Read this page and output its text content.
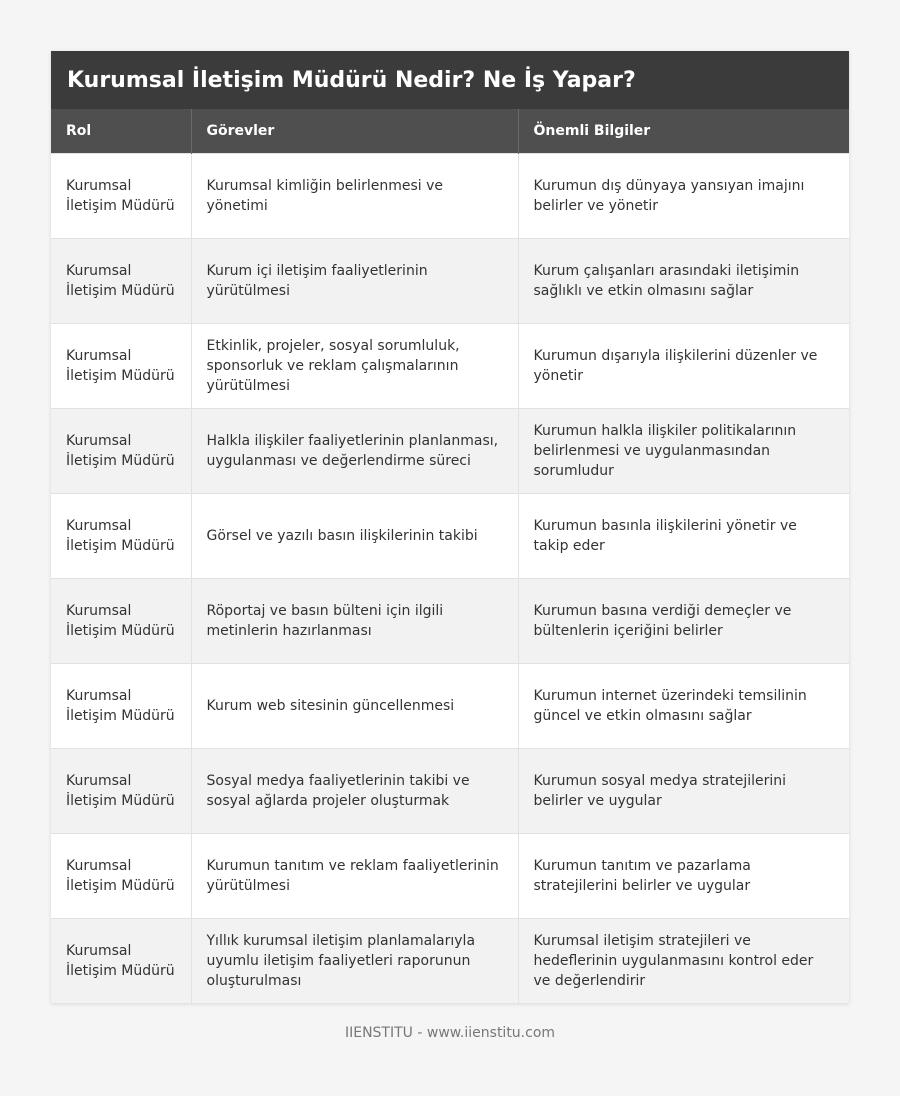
Kurumsal İletişim Müdürü Nedir? Ne İş Yapar?
Rol	Görevler	Önemli Bilgiler
Kurumsal İletişim Müdürü	Kurumsal kimliğin belirlenmesi ve yönetimi	Kurumun dış dünyaya yansıyan imajını belirler ve yönetir
Kurumsal İletişim Müdürü	Kurum içi iletişim faaliyetlerinin yürütülmesi	Kurum çalışanları arasındaki iletişimin sağlıklı ve etkin olmasını sağlar
Kurumsal İletişim Müdürü	Etkinlik, projeler, sosyal sorumluluk, sponsorluk ve reklam çalışmalarının yürütülmesi	Kurumun dışarıyla ilişkilerini düzenler ve yönetir
Kurumsal İletişim Müdürü	Halkla ilişkiler faaliyetlerinin planlanması, uygulanması ve değerlendirme süreci	Kurumun halkla ilişkiler politikalarının belirlenmesi ve uygulanmasından sorumludur
Kurumsal İletişim Müdürü	Görsel ve yazılı basın ilişkilerinin takibi	Kurumun basınla ilişkilerini yönetir ve takip eder
Kurumsal İletişim Müdürü	Röportaj ve basın bülteni için ilgili metinlerin hazırlanması	Kurumun basına verdiği demeçler ve bültenlerin içeriğini belirler
Kurumsal İletişim Müdürü	Kurum web sitesinin güncellenmesi	Kurumun internet üzerindeki temsilinin güncel ve etkin olmasını sağlar
Kurumsal İletişim Müdürü	Sosyal medya faaliyetlerinin takibi ve sosyal ağlarda projeler oluşturmak	Kurumun sosyal medya stratejilerini belirler ve uygular
Kurumsal İletişim Müdürü	Kurumun tanıtım ve reklam faaliyetlerinin yürütülmesi	Kurumun tanıtım ve pazarlama stratejilerini belirler ve uygular
Kurumsal İletişim Müdürü	Yıllık kurumsal iletişim planlamalarıyla uyumlu iletişim faaliyetleri raporunun oluşturulması	Kurumsal iletişim stratejileri ve hedeflerinin uygulanmasını kontrol eder ve değerlendirir
IIENSTITU - www.iienstitu.com
